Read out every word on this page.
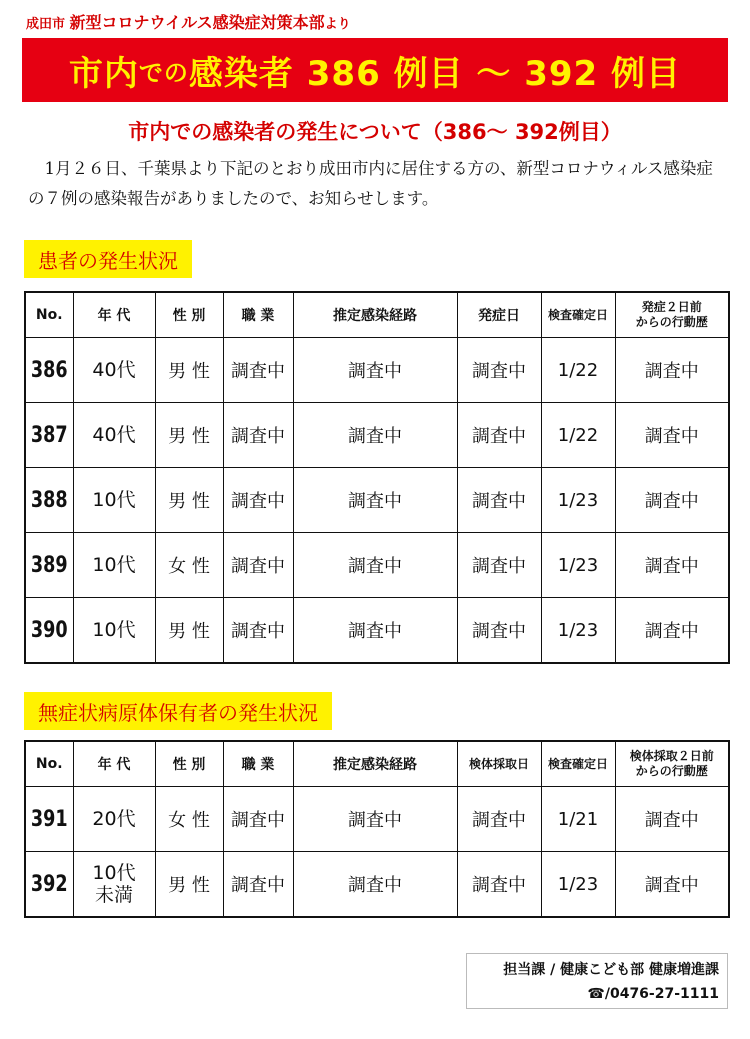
成田市 新型コロナウイルス感染症対策本部より
市内 での 感染者 386 例目 ～ 392 例目
市内での感染者の発生について（386～ 392例目）
1月２６日、千葉県より下記のとおり成田市内に居住する方の、新型コロナウィルス感染症の７例の感染報告がありましたので、お知らせします。
患者の発生状況
No.	年 代	性 別	職 業	推定感染経路	発症日	検査確定日	発症２日前
からの行動歴
386	40代	男 性	調査中	調査中	調査中	1/22	調査中
387	40代	男 性	調査中	調査中	調査中	1/22	調査中
388	10代	男 性	調査中	調査中	調査中	1/23	調査中
389	10代	女 性	調査中	調査中	調査中	1/23	調査中
390	10代	男 性	調査中	調査中	調査中	1/23	調査中
無症状病原体保有者の発生状況
No.	年 代	性 別	職 業	推定感染経路	検体採取日	検査確定日	検体採取２日前
からの行動歴
391	20代	女 性	調査中	調査中	調査中	1/21	調査中
392	10代
未満	男 性	調査中	調査中	調査中	1/23	調査中
担当課 / 健康こども部 健康増進課
☎/0476-27-1111
